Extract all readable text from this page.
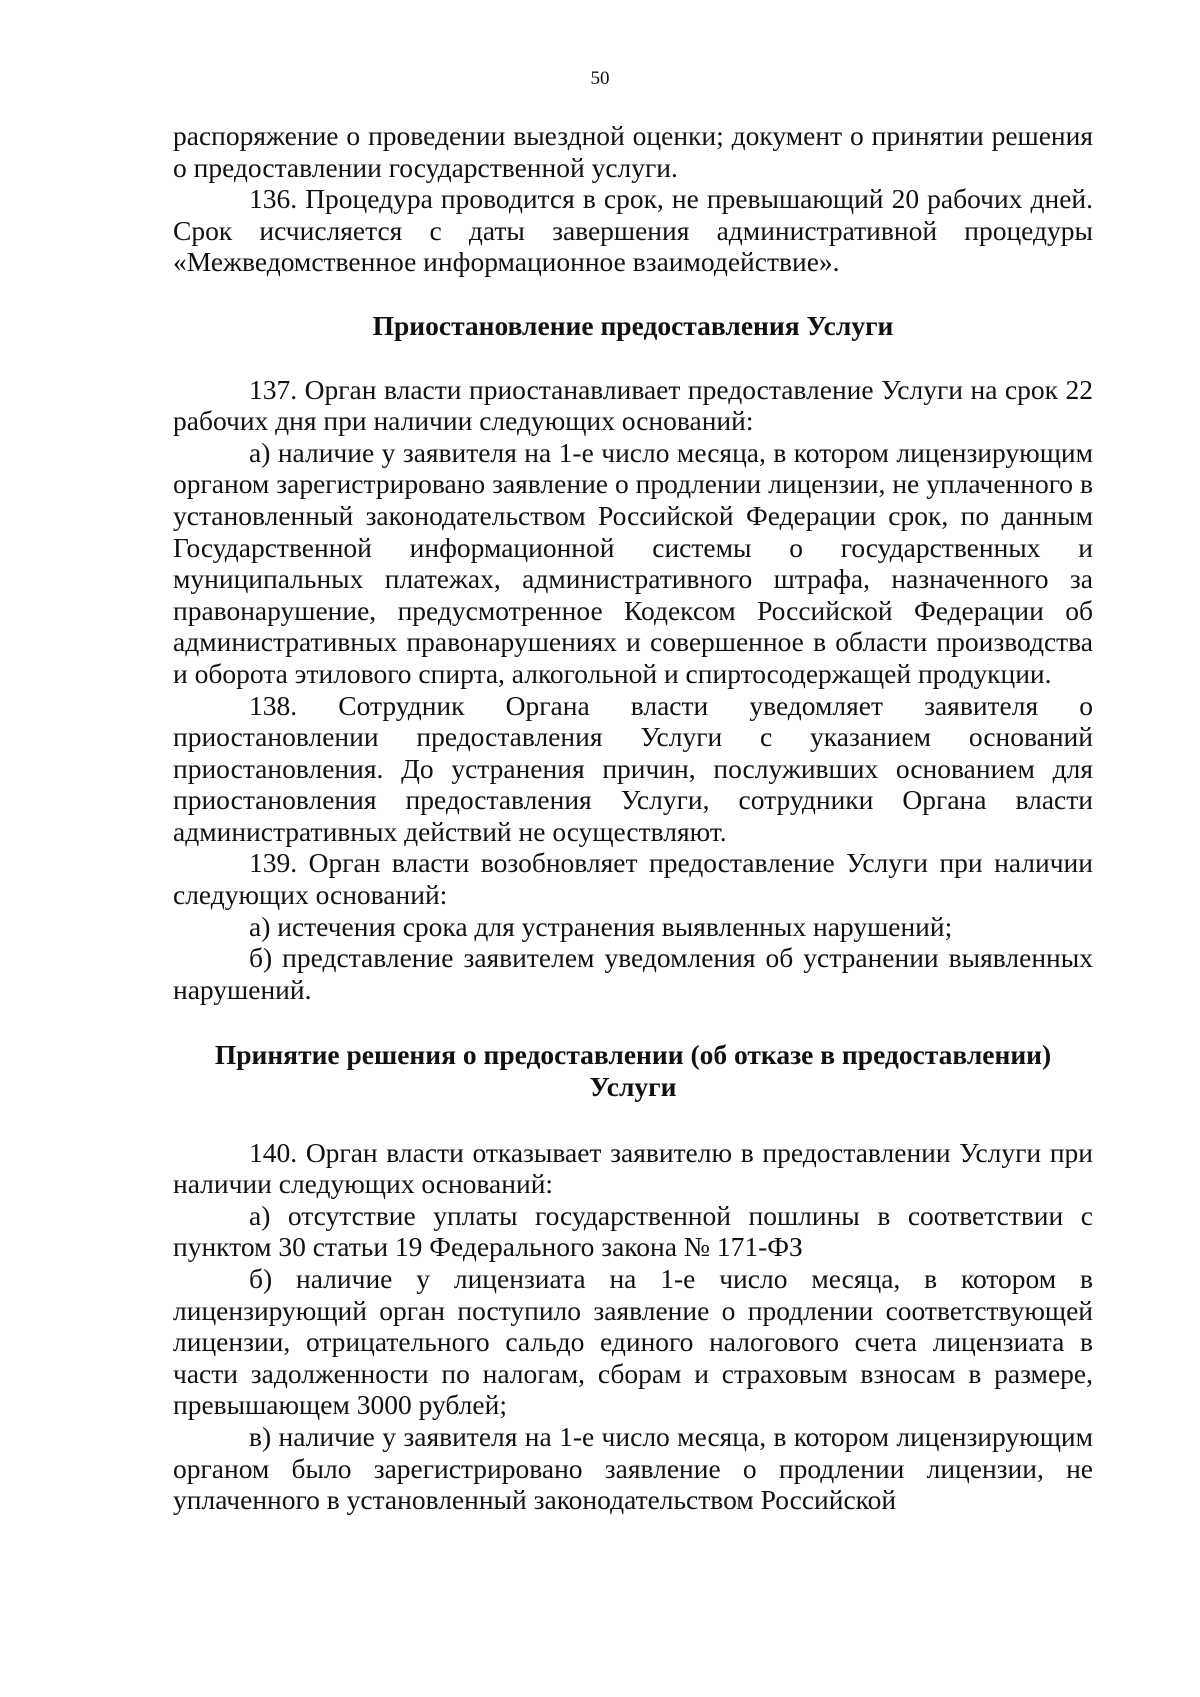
50

распоряжение о проведении выездной оценки; документ о принятии решения о предоставлении государственной услуги.

136. Процедура проводится в срок, не превышающий 20 рабочих дней. Срок исчисляется с даты завершения административной процедуры «Межведомственное информационное взаимодействие».

Приостановление предоставления Услуги

137. Орган власти приостанавливает предоставление Услуги на срок 22 рабочих дня при наличии следующих оснований:

а) наличие у заявителя на 1-е число месяца, в котором лицензирующим органом зарегистрировано заявление о продлении лицензии, не уплаченного в установленный законодательством Российской Федерации срок, по данным Государственной информационной системы о государственных и муниципальных платежах, административного штрафа, назначенного за правонарушение, предусмотренное Кодексом Российской Федерации об административных правонарушениях и совершенное в области производства и оборота этилового спирта, алкогольной и спиртосодержащей продукции.

138. Сотрудник Органа власти уведомляет заявителя о приостановлении предоставления Услуги с указанием оснований приостановления. До устранения причин, послуживших основанием для приостановления предоставления Услуги, сотрудники Органа власти административных действий не осуществляют.

139. Орган власти возобновляет предоставление Услуги при наличии следующих оснований:

а) истечения срока для устранения выявленных нарушений;

б) представление заявителем уведомления об устранении выявленных нарушений.

Принятие решения о предоставлении (об отказе в предоставлении)
Услуги

140. Орган власти отказывает заявителю в предоставлении Услуги при наличии следующих оснований:

а) отсутствие уплаты государственной пошлины в соответствии с пунктом 30 статьи 19 Федерального закона № 171-ФЗ

б) наличие у лицензиата на 1-е число месяца, в котором в лицензирующий орган поступило заявление о продлении соответствующей лицензии, отрицательного сальдо единого налогового счета лицензиата в части задолженности по налогам, сборам и страховым взносам в размере, превышающем 3000 рублей;

в) наличие у заявителя на 1-е число месяца, в котором лицензирующим органом было зарегистрировано заявление о продлении лицензии, не уплаченного в установленный законодательством Российской
